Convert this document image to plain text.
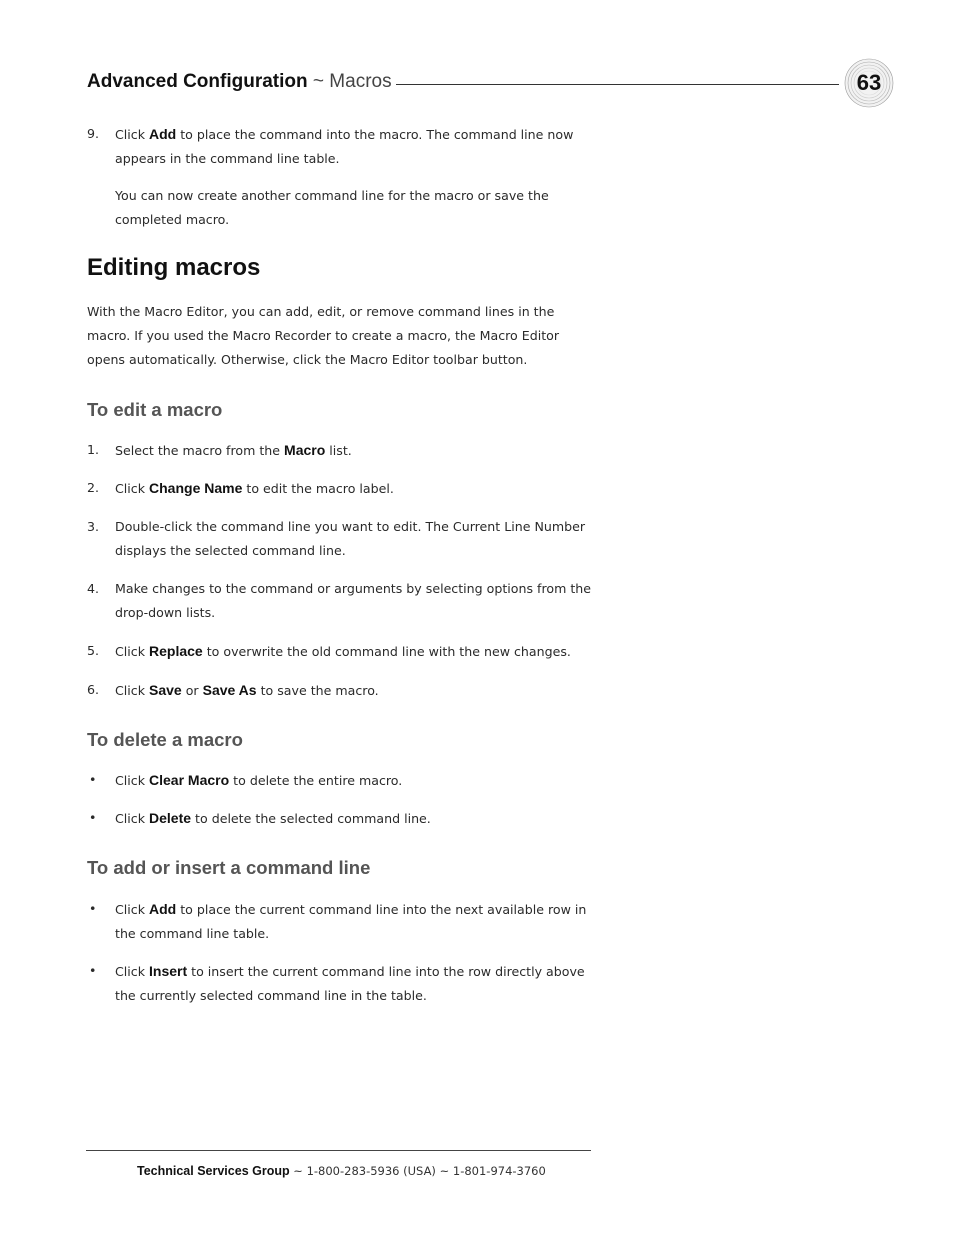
Advanced Configuration ~ Macros	63
9.	Click Add to place the command into the macro. The command line now appears in the command line table.
You can now create another command line for the macro or save the completed macro.
Editing macros
With the Macro Editor, you can add, edit, or remove command lines in the macro. If you used the Macro Recorder to create a macro, the Macro Editor opens automatically. Otherwise, click the Macro Editor toolbar button.
To edit a macro
1.	Select the macro from the Macro list.
2.	Click Change Name to edit the macro label.
3.	Double-click the command line you want to edit. The Current Line Number displays the selected command line.
4.	Make changes to the command or arguments by selecting options from the drop-down lists.
5.	Click Replace to overwrite the old command line with the new changes.
6.	Click Save or Save As to save the macro.
To delete a macro
•	Click Clear Macro to delete the entire macro.
•	Click Delete to delete the selected command line.
To add or insert a command line
•	Click Add to place the current command line into the next available row in the command line table.
•	Click Insert to insert the current command line into the row directly above the currently selected command line in the table.
Technical Services Group ~ 1-800-283-5936 (USA) ~ 1-801-974-3760
